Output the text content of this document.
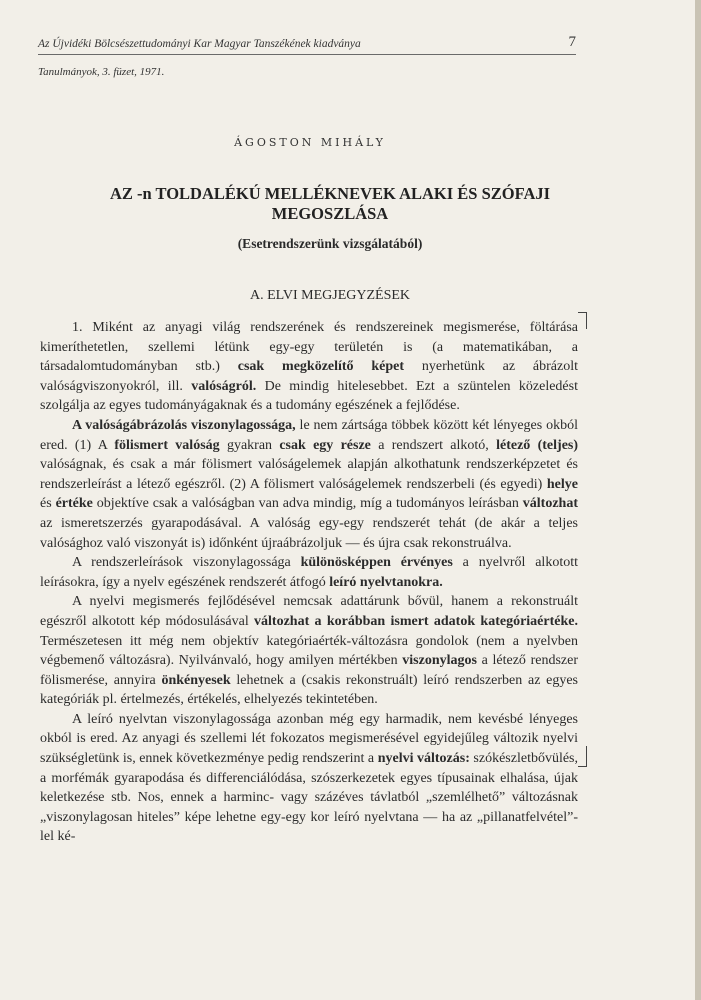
Az Újvidéki Bölcsészettudományi Kar Magyar Tanszékének kiadványa	7
Tanulmányok, 3. füzet, 1971.
ÁGOSTON MIHÁLY
AZ -n TOLDALÉKÚ MELLÉKNEVEK ALAKI ÉS SZÓFAJI
MEGOSZLÁSA
(Esetrendszerünk vizsgálatából)
A. ELVI MEGJEGYZÉSEK

1. Miként az anyagi világ rendszerének és rendszereinek megismerése, föltárása kimeríthetetlen, szellemi létünk egy-egy területén is (a matematikában, a társadalomtudományban stb.) csak megközelítő képet nyerhetünk az ábrázolt valóságviszonyokról, ill. valóságról. De mindig hitelesebbet. Ezt a szüntelen közeledést szolgálja az egyes tudományágaknak és a tudomány egészének a fejlődése.

A valóságábrázolás viszonylagossága, le nem zártsága többek között két lényeges okból ered. (1) A fölismert valóság gyakran csak egy része a rendszert alkotó, létező (teljes) valóságnak, és csak a már fölismert valóságelemek alapján alkothatunk rendszerképzetet és rendszerleírást a létező egészről. (2) A fölismert valóságelemek rendszerbeli (és egyedi) helye és értéke objektíve csak a valóságban van adva mindig, míg a tudományos leírásban változhat az ismeretszerzés gyarapodásával. A valóság egy-egy rendszerét tehát (de akár a teljes valósághoz való viszonyát is) időnként újraábrázoljuk — és újra csak rekonstruálva.

A rendszerleírások viszonylagossága különösképpen érvényes a nyelvről alkotott leírásokra, így a nyelv egészének rendszerét átfogó leíró nyelvtanokra.

A nyelvi megismerés fejlődésével nemcsak adattárunk bővül, hanem a rekonstruált egészről alkotott kép módosulásával változhat a korábban ismert adatok kategóriaértéke. Természetesen itt még nem objektív kategóriaérték-változásra gondolok (nem a nyelvben végbemenő változásra). Nyilvánvaló, hogy amilyen mértékben viszonylagos a létező rendszer fölismerése, annyira önkényesek lehetnek a (csakis rekonstruált) leíró rendszerben az egyes kategóriák pl. értelmezés, értékelés, elhelyezés tekintetében.

A leíró nyelvtan viszonylagossága azonban még egy harmadik, nem kevésbé lényeges okból is ered. Az anyagi és szellemi lét fokozatos megismerésével egyidejűleg változik nyelvi szükségletünk is, ennek következménye pedig rendszerint a nyelvi változás: szókészletbővülés, a morfémák gyarapodása és differenciálódása, szószerkezetek egyes típusainak elhalása, újak keletkezése stb. Nos, ennek a harminc- vagy százéves távlatból „szemlélhető” változásnak „viszonylagosan hiteles” képe lehetne egy-egy kor leíró nyelvtana — ha az „pillanatfelvétel”-lel ké-
